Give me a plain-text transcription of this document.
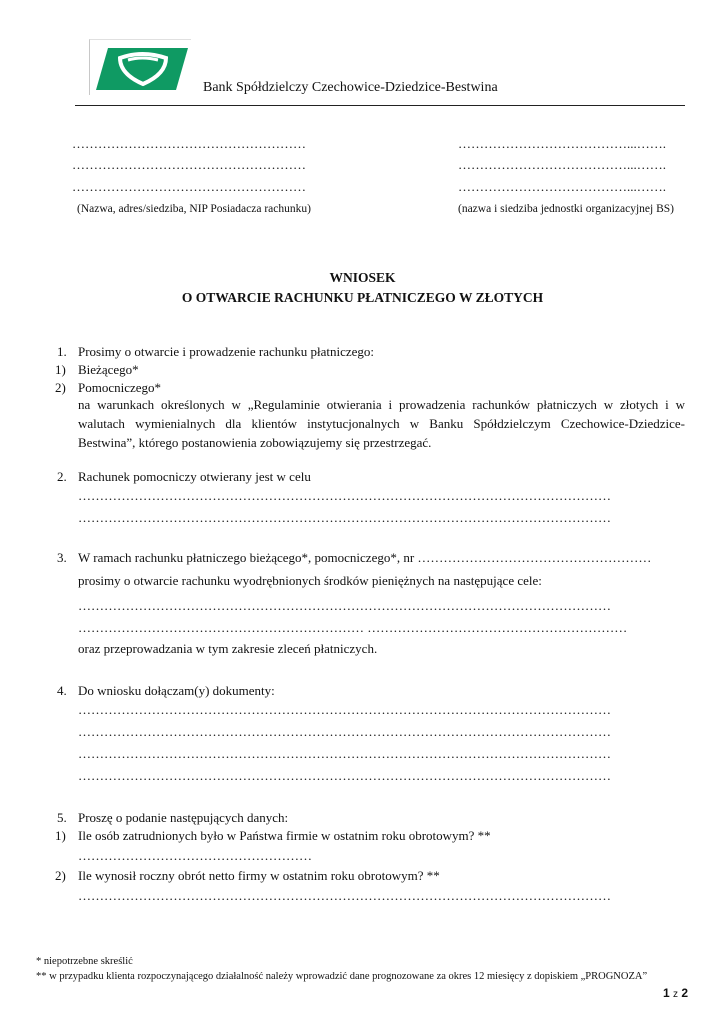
Bank Spółdzielczy Czechowice-Dziedzice-Bestwina
………………………………………………
………………………………………………
………………………………………………
(Nazwa, adres/siedziba, NIP Posiadacza rachunku)
…………………………………...…….
…………………………………...…….
…………………………………...…….
(nazwa i siedziba jednostki organizacyjnej BS)
WNIOSEK
O OTWARCIE RACHUNKU PŁATNICZEGO W ZŁOTYCH
1. Prosimy o otwarcie i prowadzenie rachunku płatniczego:
1) Bieżącego*
2) Pomocniczego*
na warunkach określonych w „Regulaminie otwierania i prowadzenia rachunków płatniczych w złotych i w walutach wymienialnych dla klientów instytucjonalnych w Banku Spółdzielczym Czechowice-Dziedzice-Bestwina”, którego postanowienia zobowiązujemy się przestrzegać.
2. Rachunek pomocniczy otwierany jest w celu
……………………………………………………………………………………………………………
……………………………………………………………………………………………………………
3. W ramach rachunku płatniczego bieżącego*, pomocniczego*, nr ………………………………………………
prosimy o otwarcie rachunku wyodrębnionych środków pieniężnych na następujące cele:
……………………………………………………………………………………………………………
………………………………………………………… ……………………………………………………
oraz przeprowadzania w tym zakresie zleceń płatniczych.
4. Do wniosku dołączam(y) dokumenty:
……………………………………………………………………………………………………………
……………………………………………………………………………………………………………
……………………………………………………………………………………………………………
……………………………………………………………………………………………………………
5. Proszę o podanie następujących danych:
1) Ile osób zatrudnionych było w Państwa firmie w ostatnim roku obrotowym? **
………………………………………………
2) Ile wynosił roczny obrót netto firmy w ostatnim roku obrotowym? **
……………………………………………………………………………………………………………
* niepotrzebne skreślić
** w przypadku klienta rozpoczynającego działalność należy wprowadzić dane prognozowane za okres 12 miesięcy z dopiskiem „PROGNOZA”
1 z 2
